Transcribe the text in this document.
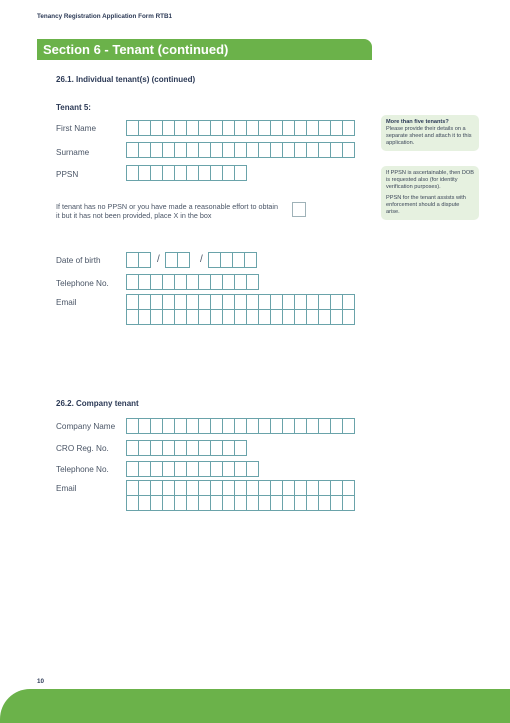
Tenancy Registration Application Form RTB1
Section 6 - Tenant (continued)
26.1. Individual tenant(s) (continued)
Tenant 5:
First Name
Surname
PPSN
If tenant has no PPSN or you have made a reasonable effort to obtain
it but it has not been provided, place X in the box
Date of birth	/	/
Telephone No.
Email
More than five tenants?
Please provide their details on a separate sheet and attach it to this application.

If PPSN is ascertainable, then DOB is requested also (for identity verification purposes).

PPSN for the tenant assists with enforcement should a dispute arise.

26.2. Company tenant
Company Name
CRO Reg. No.
Telephone No.
Email
10
